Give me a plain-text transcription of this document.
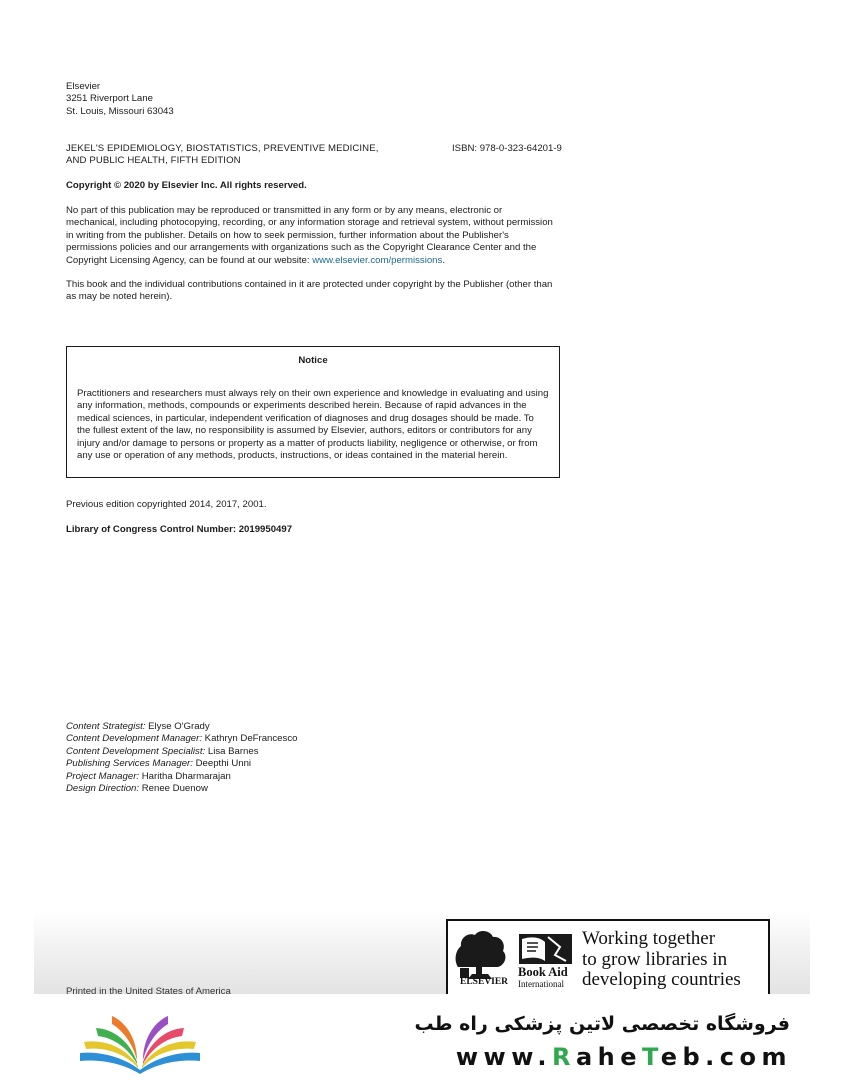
Elsevier
3251 Riverport Lane
St. Louis, Missouri 63043
JEKEL'S EPIDEMIOLOGY, BIOSTATISTICS, PREVENTIVE MEDICINE, AND PUBLIC HEALTH, FIFTH EDITION
ISBN: 978-0-323-64201-9
Copyright © 2020 by Elsevier Inc. All rights reserved.
No part of this publication may be reproduced or transmitted in any form or by any means, electronic or mechanical, including photocopying, recording, or any information storage and retrieval system, without permission in writing from the publisher. Details on how to seek permission, further information about the Publisher's permissions policies and our arrangements with organizations such as the Copyright Clearance Center and the Copyright Licensing Agency, can be found at our website: www.elsevier.com/permissions.
This book and the individual contributions contained in it are protected under copyright by the Publisher (other than as may be noted herein).
Notice
Practitioners and researchers must always rely on their own experience and knowledge in evaluating and using any information, methods, compounds or experiments described herein. Because of rapid advances in the medical sciences, in particular, independent verification of diagnoses and drug dosages should be made. To the fullest extent of the law, no responsibility is assumed by Elsevier, authors, editors or contributors for any injury and/or damage to persons or property as a matter of products liability, negligence or otherwise, or from any use or operation of any methods, products, instructions, or ideas contained in the material herein.
Previous edition copyrighted 2014, 2017, 2001.
Library of Congress Control Number: 2019950497
Content Strategist: Elyse O'Grady
Content Development Manager: Kathryn DeFrancesco
Content Development Specialist: Lisa Barnes
Publishing Services Manager: Deepthi Unni
Project Manager: Haritha Dharmarajan
Design Direction: Renee Duenow
Printed in the United States of America
ELSEVIER
Book Aid
International
Working together
to grow libraries in
developing countries
فروشگاه تخصصی لاتین پزشکی راه طب
www.RaheTeb.com
